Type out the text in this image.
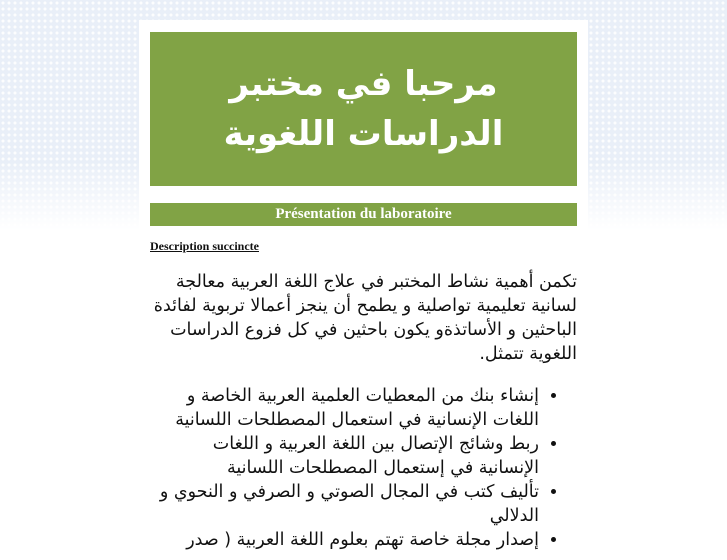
مرحبا في مختبر الدراسات اللغوية
Présentation du laboratoire
Description succincte

تكمن أهمية نشاط المختبر في علاج اللغة العربية معالجة لسانية تعليمية تواصلية و يطمح أن ينجز أعمالا تربوية لفائدة الباحثين و الأساتذةو يكون باحثين في كل فزوع الدراسات اللغوية تتمثل.

• إنشاء بنك من المعطيات العلمية العربية الخاصة و اللغات الإنسانية في استعمال المصطلحات اللسانية
• ربط وشائج الإتصال بين اللغة العربية و اللغات الإنسانية في إستعمال المصطلحات اللسانية
• تأليف كتب في المجال الصوتي و الصرفي و النحوي و الدلالي
• إصدار مجلة خاصة تهتم بعلوم اللغة العربية ( صدر
